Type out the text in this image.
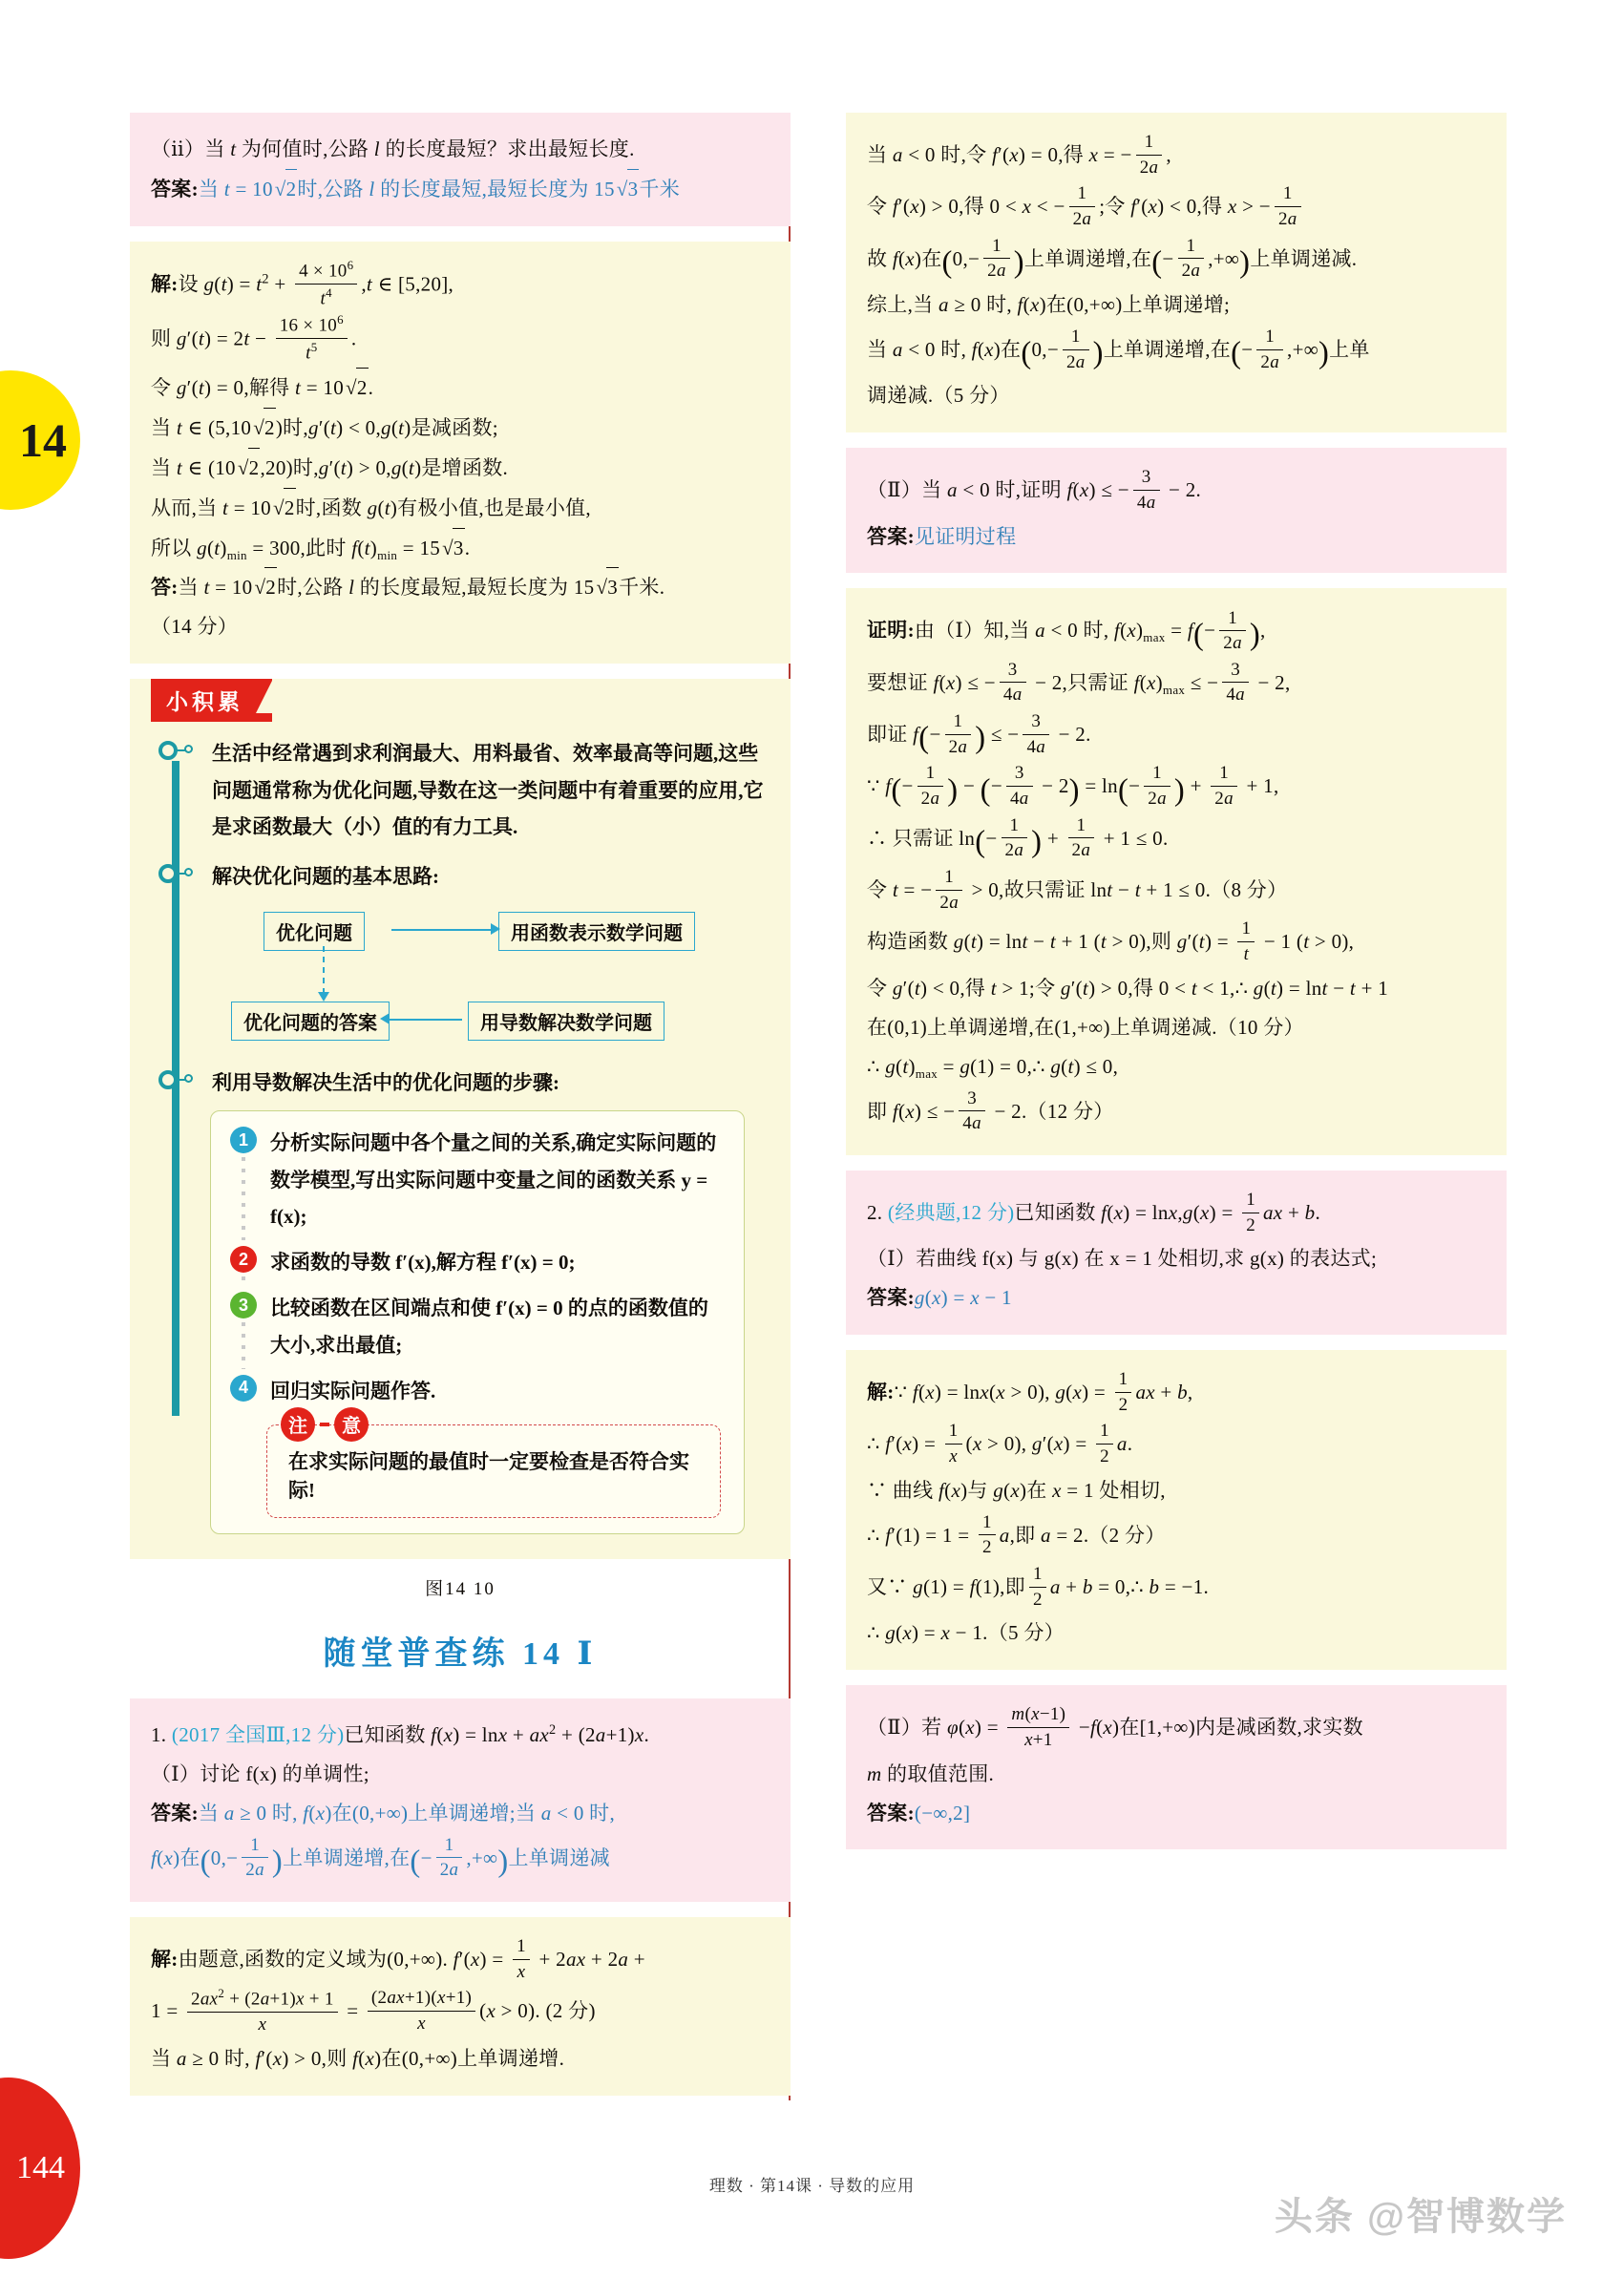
14
144
（ⅱ）当 t 为何值时,公路 l 的长度最短？求出最短长度.
答案:当 t = 10 √ 2时,公路 l 的长度最短,最短长度为 15 √ 3千米
解:设 $g(t) = t^2 + \frac{4 \times 10^6}{t^4} ,t$ ∈ [5,20],
则 $g'(t) = 2t - \frac{16 \times 10^6}{t^5}$ .
令 g′(t) = 0,解得 t = 10 √ 2.
当 t ∈ (5,10 √ 2)时,g′(t) < 0,g(t)是减函数;
当 t ∈ (10 √ 2,20)时,g′(t) > 0,g(t)是增函数.
从而,当 t = 10 √ 2时,函数 g(t)有极小值,也是最小值,
所以 $g(t)_{min} = 300$,此时 $f(t)_{min} = 15$ √ 3.
答:当 t = 10 √ 2时,公路 l 的长度最短,最短长度为 15 √ 3千米.
（14 分）
小积累
生活中经常遇到求利润最大、用料最省、效率最高等问题,这些问题通常称为优化问题,导数在这一类问题中有着重要的应用,它是求函数最大（小）值的有力工具.
解决优化问题的基本思路:
优化问题	用函数表示数学问题
优化问题的答案	用导数解决数学问题
利用导数解决生活中的优化问题的步骤:
1	分析实际问题中各个量之间的关系,确定实际问题的数学模型,写出实际问题中变量之间的函数关系 y = f(x);
2	求函数的导数 f′(x),解方程 f′(x) = 0;
3	比较函数在区间端点和使 f′(x) = 0 的点的函数值的大小,求出最值;
4	回归实际问题作答.
注	意
在求实际问题的最值时一定要检查是否符合实际!
图14 10
随堂普查练 14 Ⅰ
1. (2017 全国Ⅲ,12 分)已知函数 $f(x) = \ln x + ax^2 + (2a+1)x$.
（Ⅰ）讨论 f(x) 的单调性;
答案:当 a ≥ 0 时, f(x)在(0,+∞)上单调递增;当 a < 0 时,
f(x)在($0,- \frac{1}{2a}$ )上单调递增,在(− $\frac{1}{2a}$ ,+∞)上单调递减
解:由题意,函数的定义域为(0,+∞). $f'(x) = \frac{1}{x} + 2ax + 2a$ +
$1 = \frac{2ax^2 + (2a+1)x + 1}{x} = \frac{(2ax+1)(x+1)}{x} (x > 0)$. (2 分)
当 a ≥ 0 时, f′(x) > 0,则 f(x)在(0,+∞)上单调递增.
当 a < 0 时,令 f′(x) = 0,得 x = − $\frac{1}{2a}$ ,
令 f′(x) > 0,得 0 < x < − $\frac{1}{2a}$ ;令 f′(x) < 0,得 x > − $\frac{1}{2a}$
故 f(x)在($0,- \frac{1}{2a}$ )上单调递增,在(− $\frac{1}{2a}$ ,+∞)上单调递减.
综上,当 a ≥ 0 时, f(x)在(0,+∞)上单调递增;
当 a < 0 时, f(x)在($0,- \frac{1}{2a}$ )上单调递增,在(− $\frac{1}{2a}$ ,+∞)上单
调递减.（5 分）
（Ⅱ）当 a < 0 时,证明 f(x) ≤ − $\frac{3}{4a} - 2$.
答案:见证明过程
证明:由（Ⅰ）知,当 a < 0 时, $f(x)_{max} = f(- \frac{1}{2a}$ ),
要想证 f(x) ≤ − $\frac{3}{4a} - 2$,只需证 $f(x)_{max}$ ≤ − $\frac{3}{4a} - 2$,
即证 $f(- \frac{1}{2a}$ ) ≤ − $\frac{3}{4a} - 2$.
∵ $f(- \frac{1}{2a}$ ) − (− $\frac{3}{4a} - 2) = \ln(- \frac{1}{2a}$ ) + $\frac{1}{2a} + 1$,
∴ 只需证 $\ln(- \frac{1}{2a}$ ) + $\frac{1}{2a} + 1 \le 0$.
令 t = − $\frac{1}{2a} > 0$,故只需证 lnt − t + 1 ≤ 0.（8 分）
构造函数 g(t) = lnt − t + 1 (t > 0),则 $g'(t) = \frac{1}{t} - 1$ (t > 0),
令 g′(t) < 0,得 t > 1;令 g′(t) > 0,得 0 < t < 1,∴ g(t) = lnt − t + 1
在(0,1)上单调递增,在(1,+∞)上单调递减.（10 分）
∴ $g(t)_{max} = g(1)$ = 0,∴ g(t) ≤ 0,
即 f(x) ≤ − $\frac{3}{4a} - 2.(12$ 分）
2. (经典题,12 分)已知函数 $f(x) = \ln x,g(x) = \frac{1}{2}$ ax + b.
（Ⅰ）若曲线 f(x) 与 g(x) 在 x = 1 处相切,求 g(x) 的表达式;
答案:g(x) = x − 1
解:∵ f(x) = lnx(x > 0), $g(x) = \frac{1}{2}$ ax + b,
∴ $f'(x) = \frac{1}{x} (x > 0)$, $g'(x) = \frac{1}{2} a$.
∵ 曲线 f(x)与 g(x)在 x = 1 处相切,
∴ $f'(1) = 1 = \frac{1}{2} a$,即 a = 2.（2 分）
又∵ g(1) = f(1),即 $\frac{1}{2}$ a + b = 0,∴ b = −1.
∴ g(x) = x − 1.（5 分）
（Ⅱ）若 $\varphi(x) = \frac{m(x-1)}{x+1} -f(x)$在[1,+∞)内是减函数,求实数
m 的取值范围.
答案:(−∞,2]
理数 · 第14课 · 导数的应用
头条 @智博数学
